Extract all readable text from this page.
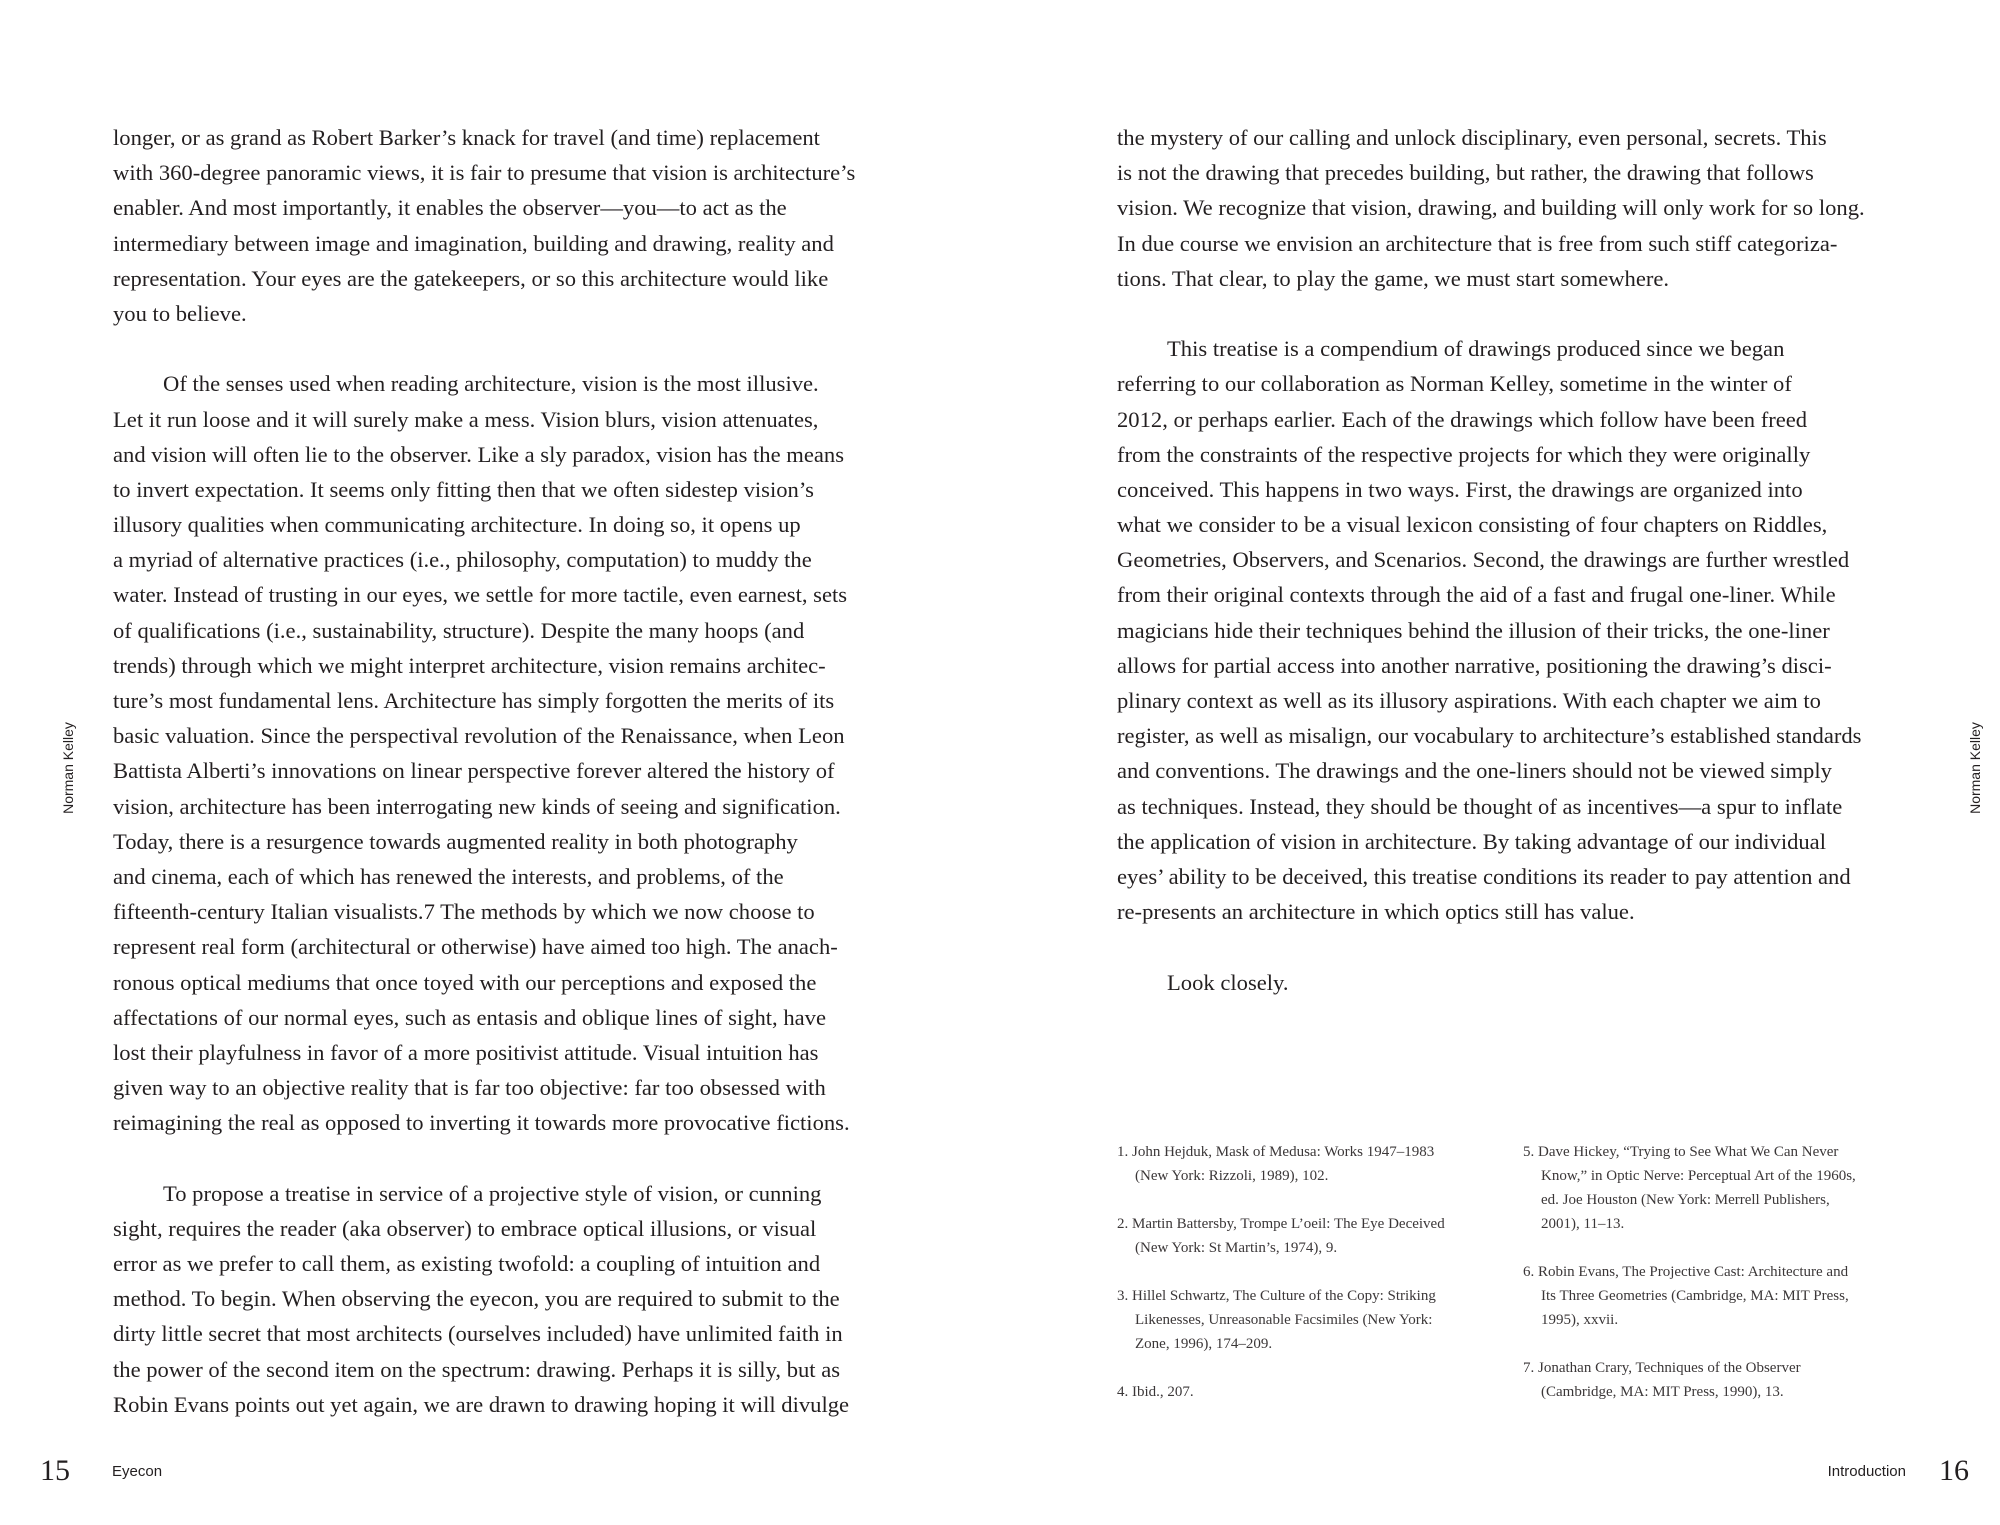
longer, or as grand as Robert Barker’s knack for travel (and time) replacement
with 360-degree panoramic views, it is fair to presume that vision is architecture’s
enabler. And most importantly, it enables the observer—you—to act as the
intermediary between image and imagination, building and drawing, reality and
representation. Your eyes are the gatekeepers, or so this architecture would like
you to believe.
Of the senses used when reading architecture, vision is the most illusive.
Let it run loose and it will surely make a mess. Vision blurs, vision attenuates,
and vision will often lie to the observer. Like a sly paradox, vision has the means
to invert expectation. It seems only fitting then that we often sidestep vision’s
illusory qualities when communicating architecture. In doing so, it opens up
a myriad of alternative practices (i.e., philosophy, computation) to muddy the
water. Instead of trusting in our eyes, we settle for more tactile, even earnest, sets
of qualifications (i.e., sustainability, structure). Despite the many hoops (and
trends) through which we might interpret architecture, vision remains architec-
ture’s most fundamental lens. Architecture has simply forgotten the merits of its
basic valuation. Since the perspectival revolution of the Renaissance, when Leon
Battista Alberti’s innovations on linear perspective forever altered the history of
vision, architecture has been interrogating new kinds of seeing and signification.
Today, there is a resurgence towards augmented reality in both photography
and cinema, each of which has renewed the interests, and problems, of the
fifteenth-century Italian visualists.7 The methods by which we now choose to
represent real form (architectural or otherwise) have aimed too high. The anach-
ronous optical mediums that once toyed with our perceptions and exposed the
affectations of our normal eyes, such as entasis and oblique lines of sight, have
lost their playfulness in favor of a more positivist attitude. Visual intuition has
given way to an objective reality that is far too objective: far too obsessed with
reimagining the real as opposed to inverting it towards more provocative fictions.
To propose a treatise in service of a projective style of vision, or cunning
sight, requires the reader (aka observer) to embrace optical illusions, or visual
error as we prefer to call them, as existing twofold: a coupling of intuition and
method. To begin. When observing the eyecon, you are required to submit to the
dirty little secret that most architects (ourselves included) have unlimited faith in
the power of the second item on the spectrum: drawing. Perhaps it is silly, but as
Robin Evans points out yet again, we are drawn to drawing hoping it will divulge
Norman Kelley
15	Eyecon
the mystery of our calling and unlock disciplinary, even personal, secrets. This
is not the drawing that precedes building, but rather, the drawing that follows
vision. We recognize that vision, drawing, and building will only work for so long.
In due course we envision an architecture that is free from such stiff categoriza-
tions. That clear, to play the game, we must start somewhere.
This treatise is a compendium of drawings produced since we began
referring to our collaboration as Norman Kelley, sometime in the winter of
2012, or perhaps earlier. Each of the drawings which follow have been freed
from the constraints of the respective projects for which they were originally
conceived. This happens in two ways. First, the drawings are organized into
what we consider to be a visual lexicon consisting of four chapters on Riddles,
Geometries, Observers, and Scenarios. Second, the drawings are further wrestled
from their original contexts through the aid of a fast and frugal one-liner. While
magicians hide their techniques behind the illusion of their tricks, the one-liner
allows for partial access into another narrative, positioning the drawing’s disci-
plinary context as well as its illusory aspirations. With each chapter we aim to
register, as well as misalign, our vocabulary to architecture’s established standards
and conventions. The drawings and the one-liners should not be viewed simply
as techniques. Instead, they should be thought of as incentives—a spur to inflate
the application of vision in architecture. By taking advantage of our individual
eyes’ ability to be deceived, this treatise conditions its reader to pay attention and
re-presents an architecture in which optics still has value.
Look closely.
1. John Hejduk, Mask of Medusa: Works 1947–1983
(New York: Rizzoli, 1989), 102.
2. Martin Battersby, Trompe L’oeil: The Eye Deceived
(New York: St Martin’s, 1974), 9.
3. Hillel Schwartz, The Culture of the Copy: Striking
Likenesses, Unreasonable Facsimiles (New York:
Zone, 1996), 174–209.
4. Ibid., 207.
5. Dave Hickey, “Trying to See What We Can Never
Know,” in Optic Nerve: Perceptual Art of the 1960s,
ed. Joe Houston (New York: Merrell Publishers,
2001), 11–13.
6. Robin Evans, The Projective Cast: Architecture and
Its Three Geometries (Cambridge, MA: MIT Press,
1995), xxvii.
7. Jonathan Crary, Techniques of the Observer
(Cambridge, MA: MIT Press, 1990), 13.
Norman Kelley
16
Introduction
